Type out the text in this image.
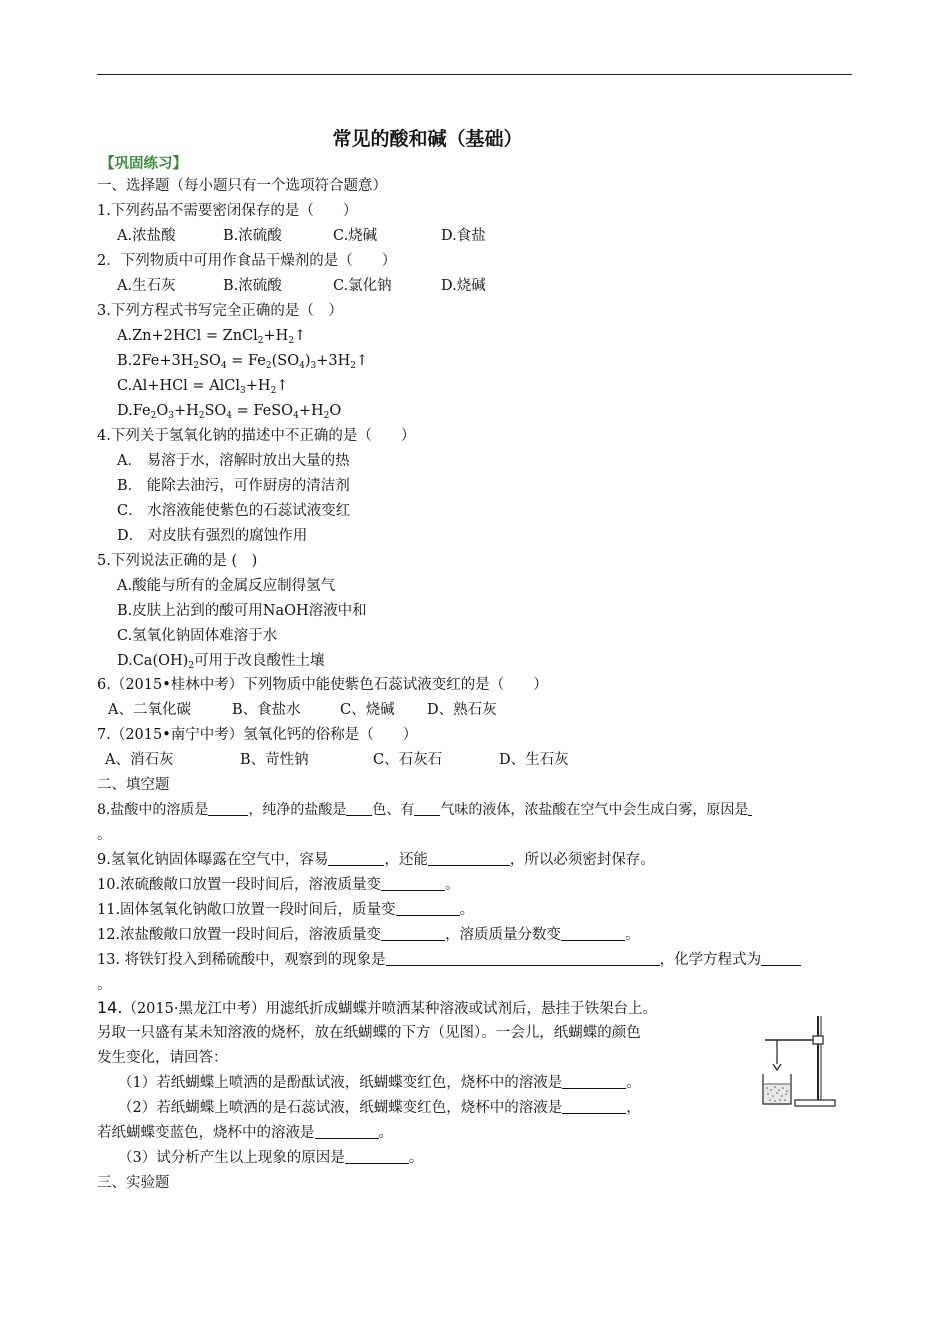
常见的酸和碱（基础）
【巩固练习】
一、选择题（每小题只有一个选项符合题意）
1.下列药品不需要密闭保存的是（　　）
A.浓盐酸	B.浓硫酸	C.烧碱	D.食盐
2．下列物质中可用作食品干燥剂的是（　　）
A.生石灰	B.浓硫酸	C.氯化钠	D.烧碱
3.下列方程式书写完全正确的是（　）
$A.Zn+2HCl = ZnCl_2+H_2↑$
$B.2Fe+3H_2SO_4$ = $Fe_2(SO_4)_3+3H_2↑$
$C.Al+HCl = AlCl_3+H_2↑$
$D.Fe_2O_3+H_2SO_4$ = $FeSO_4+H_2O$
4.下列关于氢氧化钠的描述中不正确的是（　　）
A． 易溶于水，溶解时放出大量的热
B． 能除去油污，可作厨房的清洁剂
C． 水溶液能使紫色的石蕊试液变红
D． 对皮肤有强烈的腐蚀作用
5.下列说法正确的是 (　)
A.酸能与所有的金属反应制得氢气
B.皮肤上沾到的酸可用NaOH溶液中和
C.氢氧化钠固体难溶于水
$D.Ca(OH)_2$可用于改良酸性土壤
6.（2015•桂林中考）下列物质中能使紫色石蕊试液变红的是（　　）
A、二氧化碳	B、食盐水	C、烧碱 D、熟石灰
7.（2015•南宁中考）氢氧化钙的俗称是（　　）
A、消石灰	B、苛性钠	C、石灰石	D、生石灰
二、填空题
8.盐酸中的溶质是	，纯净的盐酸是 色、有 气味的液体，浓盐酸在空气中会生成白雾，原因是
。
9.氢氧化钠固体曝露在空气中，容易	，还能	，所以必须密封保存。
10.浓硫酸敞口放置一段时间后，溶液质量变	。
11.固体氢氧化钠敞口放置一段时间后，质量变	。
12.浓盐酸敞口放置一段时间后，溶液质量变	，溶质质量分数变	。
13. 将铁钉投入到稀硫酸中，观察到的现象是	，化学方程式为
。
14.（2015·黑龙江中考）用滤纸折成蝴蝶并喷洒某种溶液或试剂后，悬挂于铁架台上。
另取一只盛有某未知溶液的烧杯，放在纸蝴蝶的下方（见图）。一会儿，纸蝴蝶的颜色
发生变化，请回答：
（1）若纸蝴蝶上喷洒的是酚酞试液，纸蝴蝶变红色，烧杯中的溶液是	。
（2）若纸蝴蝶上喷洒的是石蕊试液，纸蝴蝶变红色，烧杯中的溶液是	，
若纸蝴蝶变蓝色，烧杯中的溶液是	。
（3）试分析产生以上现象的原因是	。
三、实验题
